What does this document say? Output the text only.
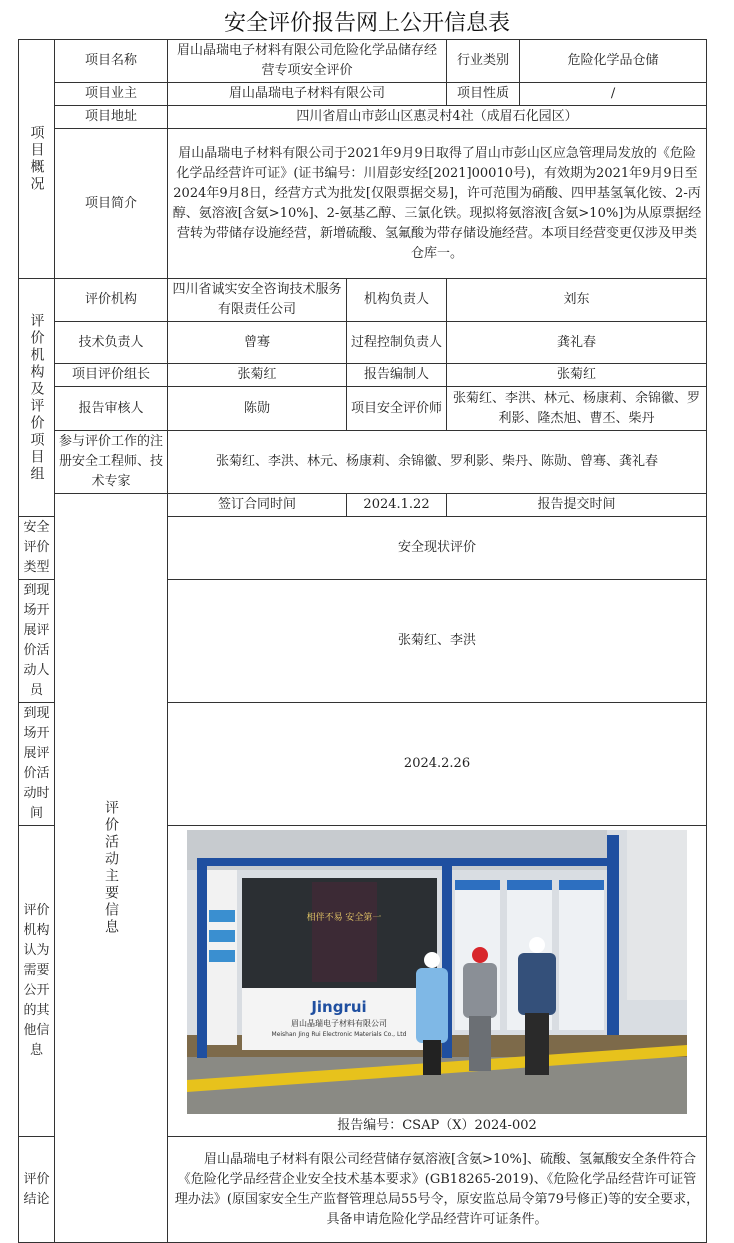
安全评价报告网上公开信息表
项目概况	项目名称	眉山晶瑞电子材料有限公司危险化学品储存经营专项安全评价		行业类别	危险化学品仓储	
	项目业主	眉山晶瑞电子材料有限公司		项目性质	/	
	项目地址	四川省眉山市彭山区惠灵村4社（成眉石化园区）				
	项目简介	眉山晶瑞电子材料有限公司于2021年9月9日取得了眉山市彭山区应急管理局发放的《危险化学品经营许可证》(证书编号：川眉彭安经[2021]00010号)，有效期为2021年9月9日至2024年9月8日，经营方式为批发[仅限票据交易]，许可范围为硝酸、四甲基氢氧化铵、2-丙醇、氨溶液[含氨>10%]、2-氨基乙醇、三氯化铁。现拟将氨溶液[含氨>10%]为从原票据经营转为带储存设施经营，新增硫酸、氢氟酸为带存储设施经营。本项目经营变更仅涉及甲类仓库一。				
评价机构及评价项目组	评价机构	四川省诚实安全咨询技术服务有限责任公司	机构负责人	刘东		
	技术负责人	曾骞	过程控制负责人	龚礼春		
	项目评价组长	张菊红	报告编制人	张菊红		
	报告审核人	陈勋	项目安全评价师	张菊红、李洪、林元、杨康莉、余锦徽、罗利影、隆杰旭、曹丕、柴丹		
	参与评价工作的注册安全工程师、技术专家	张菊红、李洪、林元、杨康莉、余锦徽、罗利影、柴丹、陈勋、曾骞、龚礼春				
	评价活动主要信息	签订合同时间	2024.1.22	报告提交时间	
安全评价类型		安全现状评价				
到现场开展评价活动人员		张菊红、李洪				
到现场开展评价活动时间		2024.2.26				
评价机构认为需要公开的其他信息		相伴不易 安全第一
Jingrui
眉山晶瑞电子材料有限公司
Meishan Jing Rui Electronic Materials Co., Ltd
报告编号：CSAP（X）2024-002				

评价结论		眉山晶瑞电子材料有限公司经营储存氨溶液[含氨>10%]、硫酸、氢氟酸安全条件符合《危险化学品经营企业安全技术基本要求》(GB18265-2019)、《危险化学品经营许可证管理办法》(原国家安全生产监督管理总局55号令，原安监总局令第79号修正)等的安全要求，具备申请危险化学品经营许可证条件。				
